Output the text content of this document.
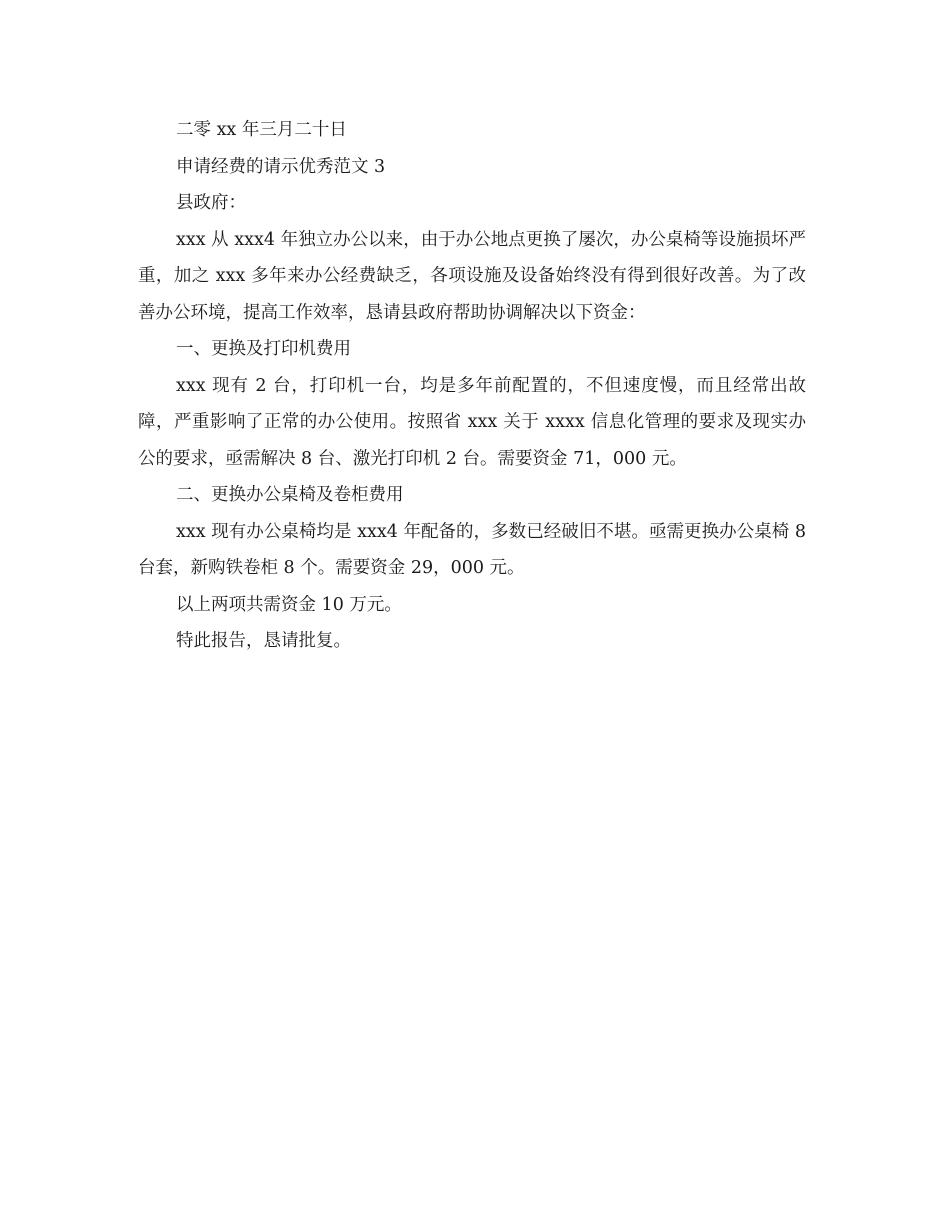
二零 xx 年三月二十日

申请经费的请示优秀范文 3

县政府：

xxx 从 xxx4 年独立办公以来，由于办公地点更换了屡次，办公桌椅等设施损坏严重，加之 xxx 多年来办公经费缺乏，各项设施及设备始终没有得到很好改善。为了改善办公环境，提高工作效率，恳请县政府帮助协调解决以下资金：

一、更换及打印机费用

xxx 现有 2 台，打印机一台，均是多年前配置的，不但速度慢，而且经常出故障，严重影响了正常的办公使用。按照省 xxx 关于 xxxx 信息化管理的要求及现实办公的要求，亟需解决 8 台、激光打印机 2 台。需要资金 71，000 元。

二、更换办公桌椅及卷柜费用

xxx 现有办公桌椅均是 xxx4 年配备的，多数已经破旧不堪。亟需更换办公桌椅 8 台套，新购铁卷柜 8 个。需要资金 29，000 元。

以上两项共需资金 10 万元。

特此报告，恳请批复。
